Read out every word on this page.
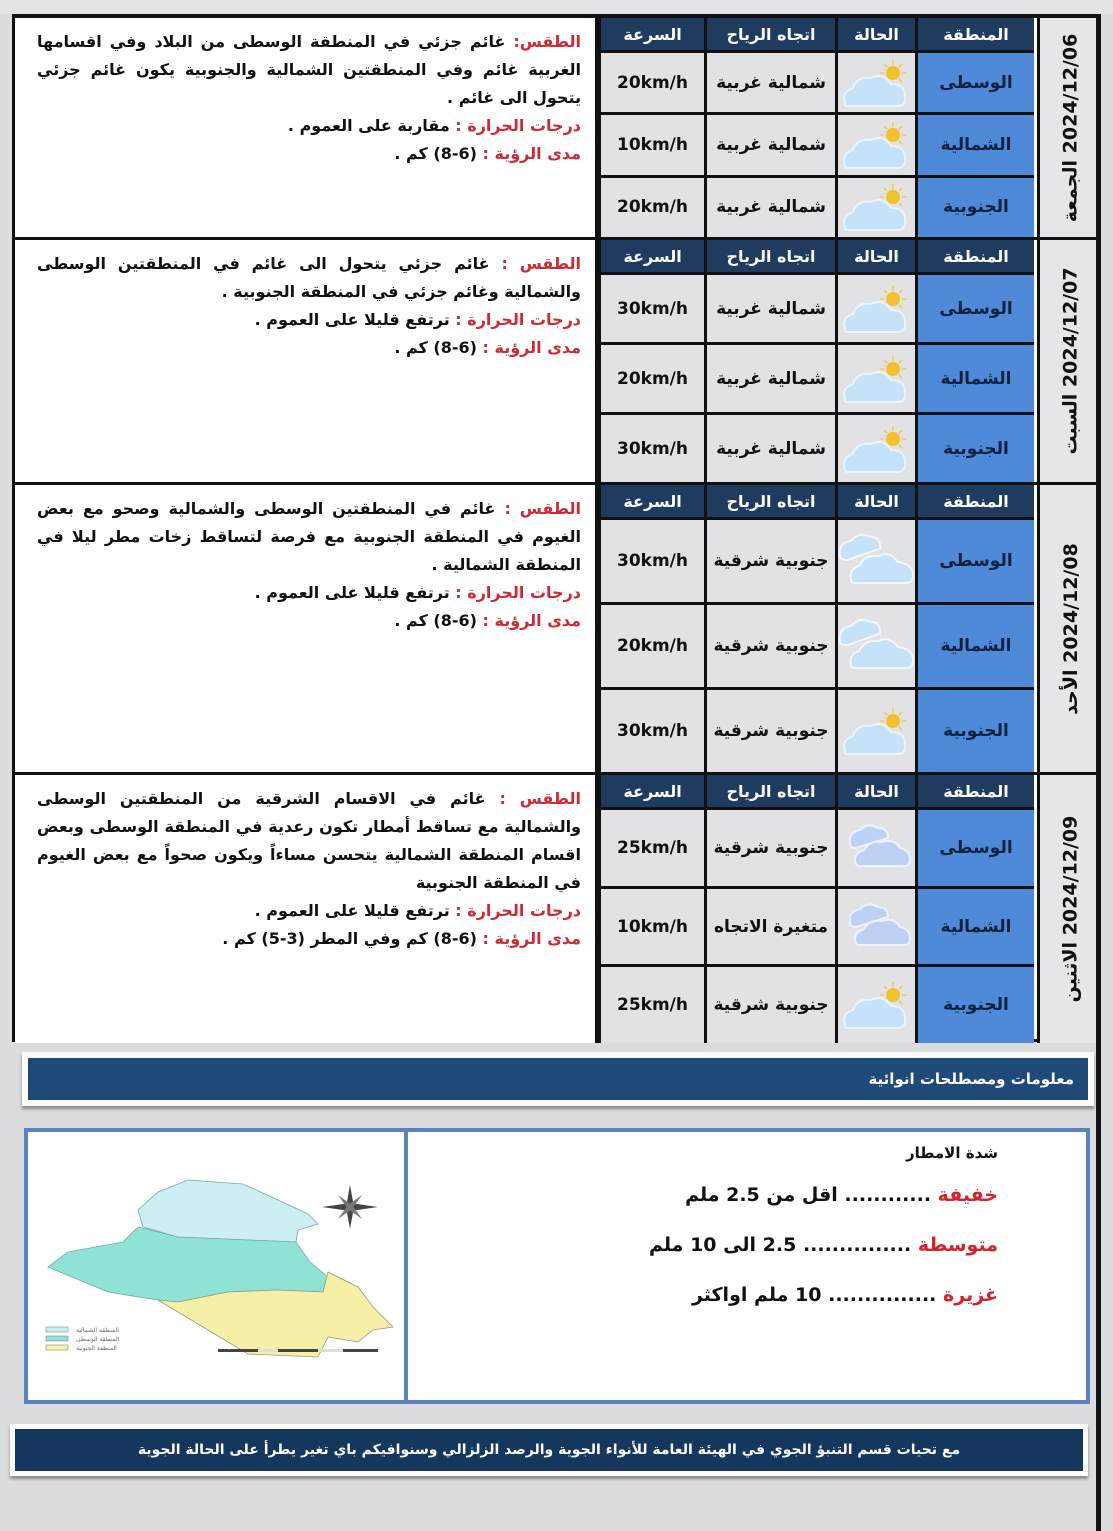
الطقس: غائم جزئي في المنطقة الوسطى من البلاد وفي اقسامها الغربية غائم وفي المنطقتين الشمالية والجنوبية يكون غائم جزئي يتحول الى غائم .

درجات الحرارة : مقاربة على العموم .

مدى الرؤية : (6-8) كم .

المنطقة
الحالة
اتجاه الرياح
السرعة
الوسطى
شمالية غربية
20km/h
الشمالية
شمالية غربية
10km/h
الجنوبية
شمالية غربية
20km/h	2024/12/06 الجمعة

الطقس : غائم جزئي يتحول الى غائم في المنطقتين الوسطى والشمالية وغائم جزئي في المنطقة الجنوبية .

درجات الحرارة : ترتفع قليلا على العموم .

مدى الرؤية : (6-8) كم .

المنطقة
الحالة
اتجاه الرياح
السرعة
الوسطى
شمالية غربية
30km/h
الشمالية
شمالية غربية
20km/h
الجنوبية
شمالية غربية
30km/h	2024/12/07 السبت

الطقس : غائم في المنطقتين الوسطى والشمالية وصحو مع بعض الغيوم في المنطقة الجنوبية مع فرصة لتساقط زخات مطر ليلا في المنطقة الشمالية .

درجات الحرارة : ترتفع قليلا على العموم .

مدى الرؤية : (6-8) كم .

المنطقة
الحالة
اتجاه الرياح
السرعة
الوسطى
جنوبية شرقية
30km/h
الشمالية
جنوبية شرقية
20km/h
الجنوبية
جنوبية شرقية
30km/h
2024/12/08 الأحد

الطقس : غائم في الاقسام الشرقية من المنطقتين الوسطى والشمالية مع تساقط أمطار تكون رعدية في المنطقة الوسطى وبعض اقسام المنطقة الشمالية يتحسن مساءاً ويكون صحواً مع بعض الغيوم في المنطقة الجنوبية

درجات الحرارة : ترتفع قليلا على العموم .

مدى الرؤية : (6-8) كم وفي المطر (3-5) كم .

المنطقة
الحالة
اتجاه الرياح
السرعة
الوسطى
جنوبية شرقية
25km/h
الشمالية
متغيرة الاتجاه
10km/h
الجنوبية
جنوبية شرقية
25km/h
2024/12/09 الاثنين
معلومات ومصطلحات انوائية
المنطقة الشمالية
المنطقة الوسطى
المنطقة الجنوبية
شدة الامطار
خفيفة ............ اقل من 2.5 ملم
متوسطة ............... 2.5 الى 10 ملم
غزيرة ............... 10 ملم اواكثر
مع تحيات قسم التنبؤ الجوي في الهيئة العامة للأنواء الجوية والرصد الزلزالي وسنوافيكم باي تغير يطرأ على الحالة الجوية
